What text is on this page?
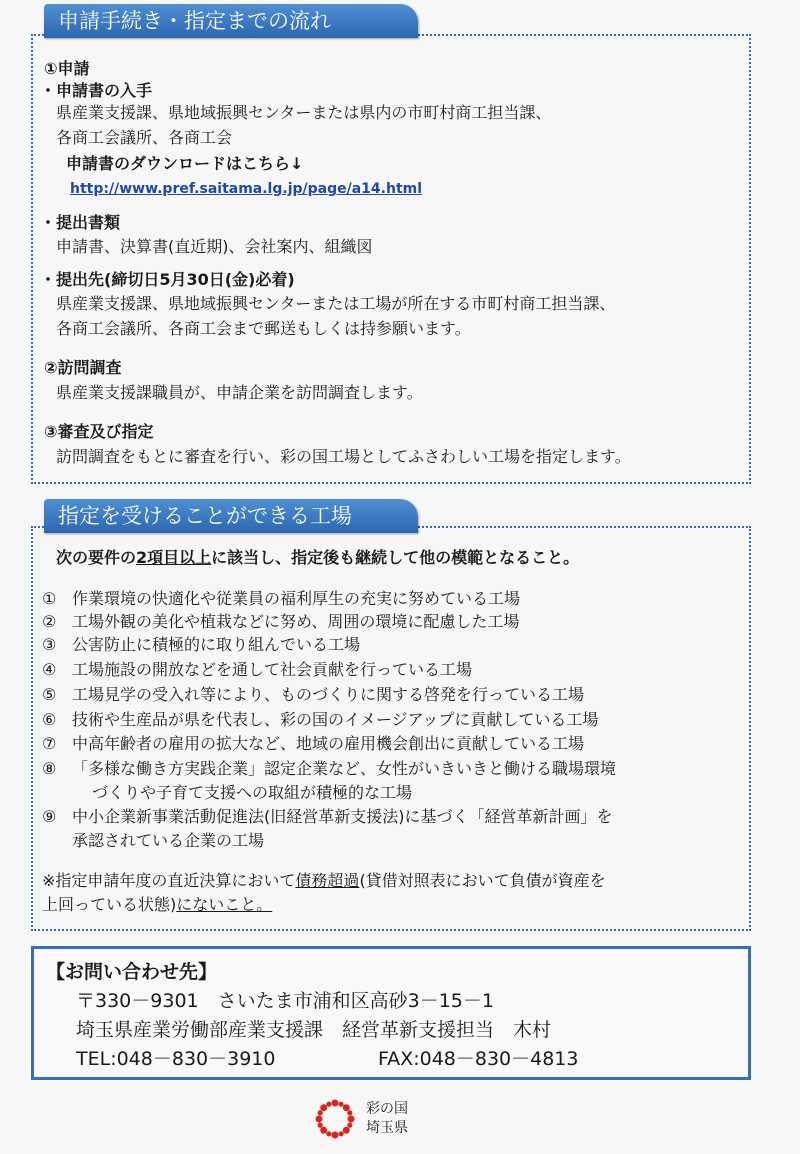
申請手続き・指定までの流れ
①申請
・申請書の入手
県産業支援課、県地域振興センターまたは県内の市町村商工担当課、
各商工会議所、各商工会
申請書のダウンロードはこちら↓
http://www.pref.saitama.lg.jp/page/a14.html
・提出書類
申請書、決算書(直近期)、会社案内、組織図
・提出先(締切日5月30日(金)必着)
県産業支援課、県地域振興センターまたは工場が所在する市町村商工担当課、
各商工会議所、各商工会まで郵送もしくは持参願います。
②訪問調査
県産業支援課職員が、申請企業を訪問調査します。
③審査及び指定
訪問調査をもとに審査を行い、彩の国工場としてふさわしい工場を指定します。
指定を受けることができる工場
次の要件の2項目以上に該当し、指定後も継続して他の模範となること。
① 作業環境の快適化や従業員の福利厚生の充実に努めている工場
② 工場外観の美化や植栽などに努め、周囲の環境に配慮した工場
③ 公害防止に積極的に取り組んでいる工場
④ 工場施設の開放などを通して社会貢献を行っている工場
⑤ 工場見学の受入れ等により、ものづくりに関する啓発を行っている工場
⑥ 技術や生産品が県を代表し、彩の国のイメージアップに貢献している工場
⑦ 中高年齢者の雇用の拡大など、地域の雇用機会創出に貢献している工場
⑧ 「多様な働き方実践企業」認定企業など、女性がいきいきと働ける職場環境
づくりや子育て支援への取組が積極的な工場
⑨ 中小企業新事業活動促進法(旧経営革新支援法)に基づく「経営革新計画」を
承認されている企業の工場
※指定申請年度の直近決算において債務超過(貸借対照表において負債が資産を
上回っている状態)にないこと。
【お問い合わせ先】
〒330－9301　さいたま市浦和区高砂3－15－1
埼玉県産業労働部産業支援課　経営革新支援担当　木村
TEL:048－830－3910	FAX:048－830－4813
彩の国
埼玉県
